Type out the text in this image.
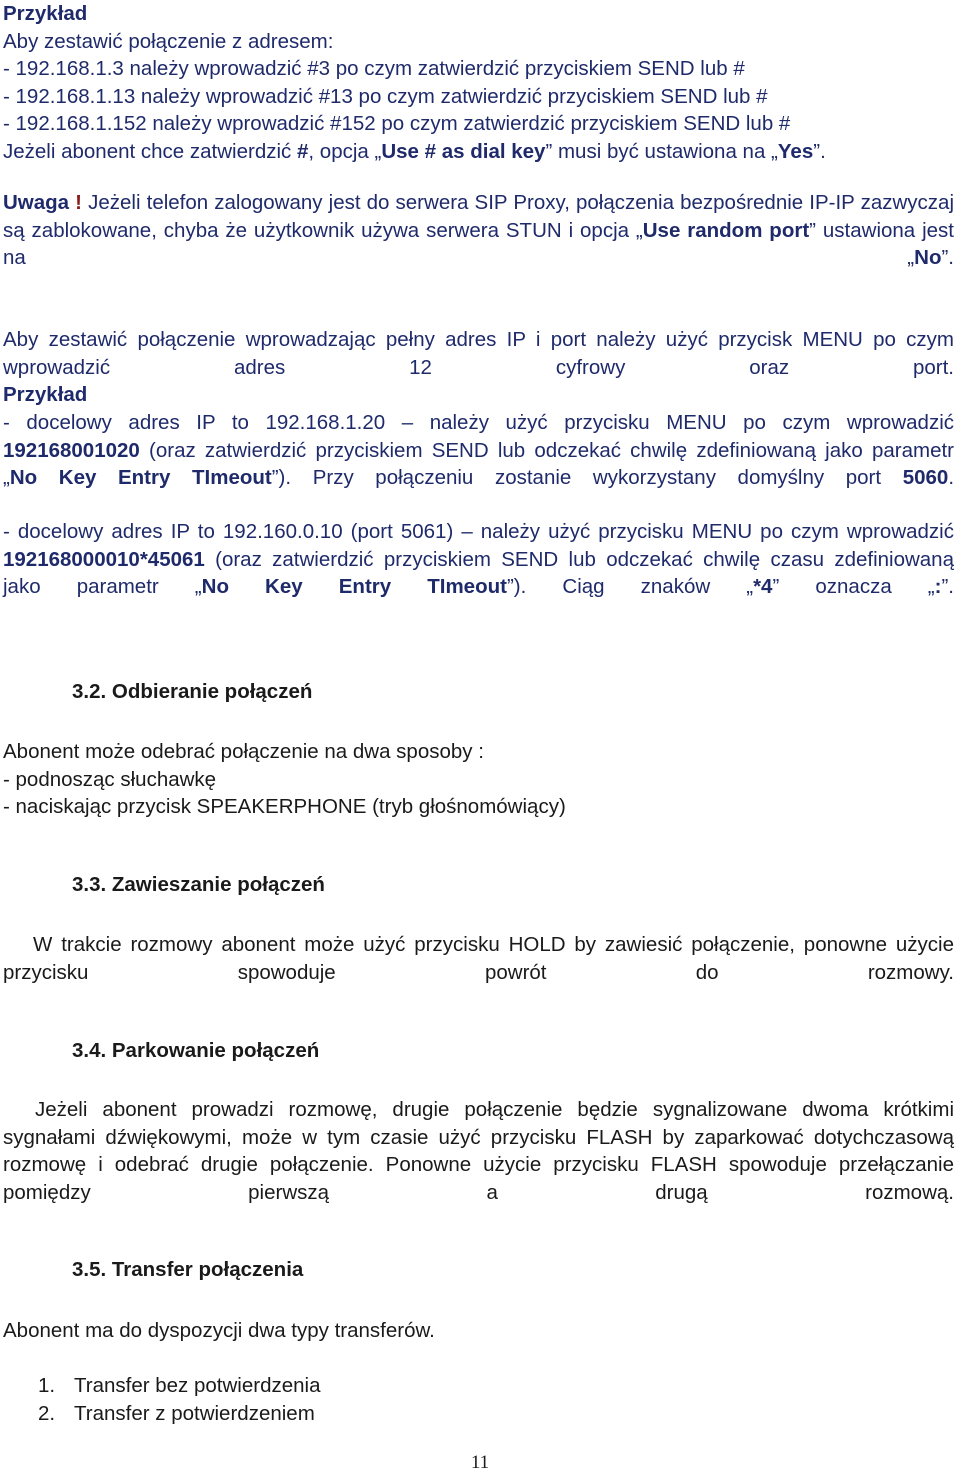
Przykład

Aby zestawić połączenie z adresem:

- 192.168.1.3 należy wprowadzić #3 po czym zatwierdzić przyciskiem SEND lub #

- 192.168.1.13 należy wprowadzić #13 po czym zatwierdzić przyciskiem SEND lub #

- 192.168.1.152 należy wprowadzić #152 po czym zatwierdzić przyciskiem SEND lub #

Jeżeli abonent chce zatwierdzić #, opcja „Use # as dial key” musi być ustawiona na „Yes”.

Uwaga ! Jeżeli telefon zalogowany jest do serwera SIP Proxy, połączenia bezpośrednie IP-IP zazwyczaj są zablokowane, chyba że użytkownik używa serwera STUN i opcja „Use random port” ustawiona jest na „No”.
Aby zestawić połączenie wprowadzając pełny adres IP i port należy użyć przycisk MENU po czym wprowadzić adres 12 cyfrowy oraz port.
Przykład
- docelowy adres IP to 192.168.1.20 – należy użyć przycisku MENU po czym wprowadzić 192168001020 (oraz zatwierdzić przyciskiem SEND lub odczekać chwilę zdefiniowaną jako parametr „No Key Entry TImeout”). Przy połączeniu zostanie wykorzystany domyślny port 5060.
- docelowy adres IP to 192.160.0.10 (port 5061) – należy użyć przycisku MENU po czym wprowadzić 192168000010*45061 (oraz zatwierdzić przyciskiem SEND lub odczekać chwilę czasu zdefiniowaną jako parametr „No Key Entry TImeout”). Ciąg znaków „*4” oznacza „:”.

3.2. Odbieranie połączeń

Abonent może odebrać połączenie na dwa sposoby :

- podnosząc słuchawkę

- naciskając przycisk SPEAKERPHONE (tryb głośnomówiący)

3.3. Zawieszanie połączeń

W trakcie rozmowy abonent może użyć przycisku HOLD by zawiesić połączenie, ponowne użycie przycisku spowoduje powrót do rozmowy.

3.4. Parkowanie połączeń

Jeżeli abonent prowadzi rozmowę, drugie połączenie będzie sygnalizowane dwoma krótkimi sygnałami dźwiękowymi, może w tym czasie użyć przycisku FLASH by zaparkować dotychczasową rozmowę i odebrać drugie połączenie. Ponowne użycie przycisku FLASH spowoduje przełączanie pomiędzy pierwszą a drugą rozmową.

3.5. Transfer połączenia

Abonent ma do dyspozycji dwa typy transferów.

1. Transfer bez potwierdzenia

2. Transfer z potwierdzeniem

11
